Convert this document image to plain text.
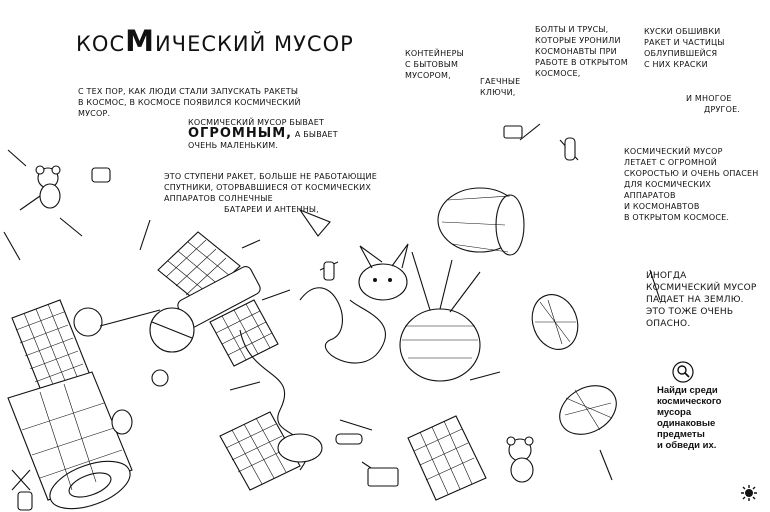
КОСМИЧЕСКИЙ МУСОР
С ТЕХ ПОР, КАК ЛЮДИ СТАЛИ ЗАПУСКАТЬ РАКЕТЫ
В КОСМОС, В КОСМОСЕ ПОЯВИЛСЯ КОСМИЧЕСКИЙ
МУСОР.
КОСМИЧЕСКИЙ МУСОР БЫВАЕТ
ОГРОМНЫМ, А БЫВАЕТ
ОЧЕНЬ МАЛЕНЬКИМ.
ЭТО СТУПЕНИ РАКЕТ, БОЛЬШЕ НЕ РАБОТАЮЩИЕ
СПУТНИКИ, ОТОРВАВШИЕСЯ ОТ КОСМИЧЕСКИХ
АППАРАТОВ СОЛНЕЧНЫЕ
БАТАРЕИ И АНТЕННЫ,
КОНТЕЙНЕРЫ
С БЫТОВЫМ
МУСОРОМ,
ГАЕЧНЫЕ
КЛЮЧИ,
БОЛТЫ И ТРУСЫ,
КОТОРЫЕ УРОНИЛИ
КОСМОНАВТЫ ПРИ
РАБОТЕ В ОТКРЫТОМ
КОСМОСЕ,
КУСКИ ОБШИВКИ
РАКЕТ И ЧАСТИЦЫ
ОБЛУПИВШЕЙСЯ
С НИХ КРАСКИ
И МНОГОЕ
ДРУГОЕ.
КОСМИЧЕСКИЙ МУСОР
ЛЕТАЕТ С ОГРОМНОЙ
СКОРОСТЬЮ И ОЧЕНЬ ОПАСЕН
ДЛЯ КОСМИЧЕСКИХ
АППАРАТОВ
И КОСМОНАВТОВ
В ОТКРЫТОМ КОСМОСЕ.
ИНОГДА
КОСМИЧЕСКИЙ МУСОР
ПАДАЕТ НА ЗЕМЛЮ.
ЭТО ТОЖЕ ОЧЕНЬ
ОПАСНО.
Найди среди
космического
мусора
одинаковые
предметы
и обведи их.
